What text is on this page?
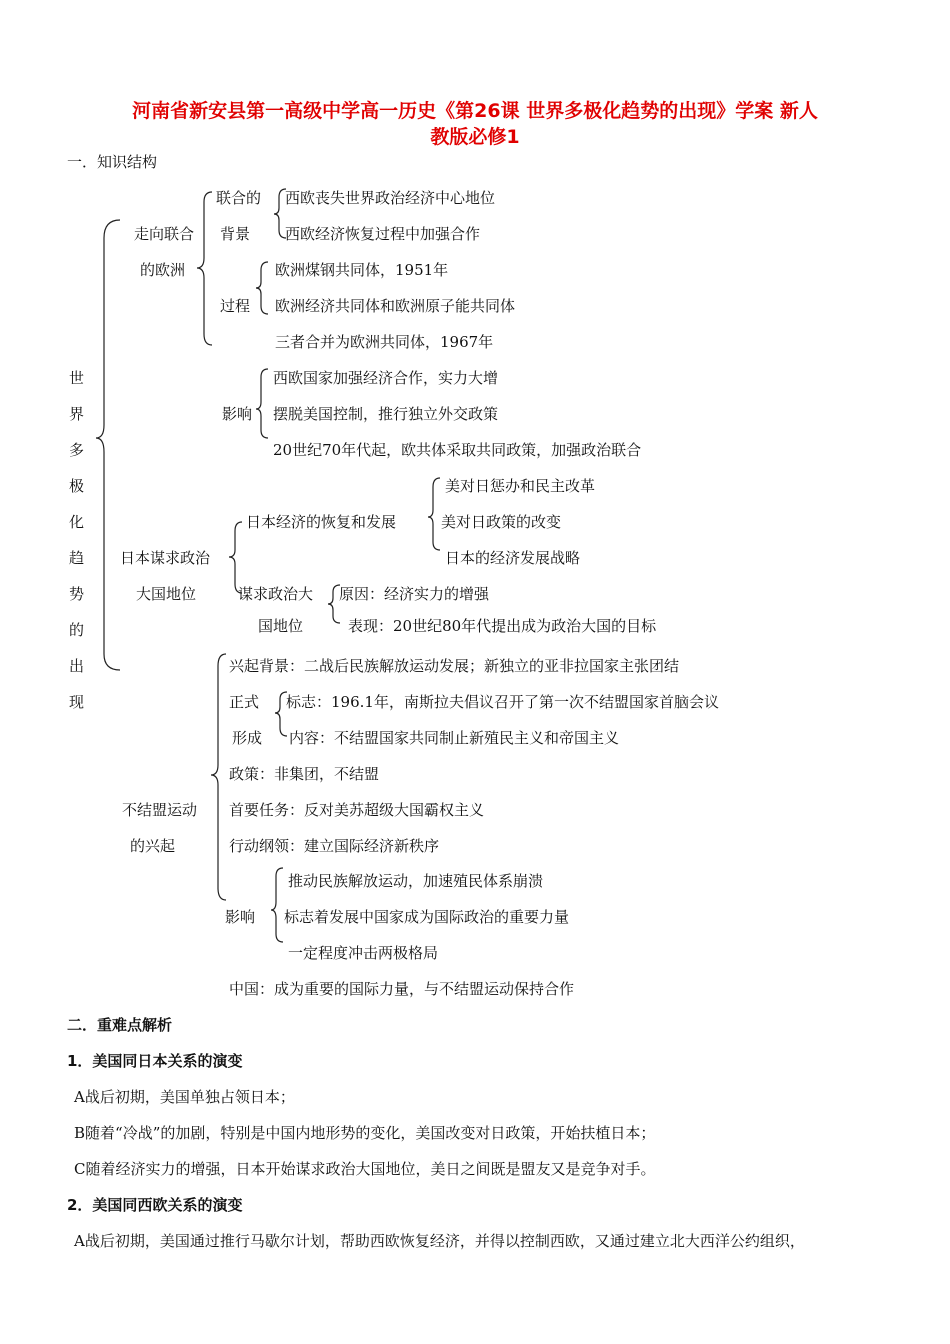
河南省新安县第一高级中学高一历史《第26课 世界多极化趋势的出现》学案 新人
教版必修1
一．知识结构
世
界
多
极
化
趋
势
的
出
现
走向联合
的欧洲
联合的
背景
西欧丧失世界政治经济中心地位
西欧经济恢复过程中加强合作
过程
欧洲煤钢共同体，1951年
欧洲经济共同体和欧洲原子能共同体
三者合并为欧洲共同体，1967年
影响
西欧国家加强经济合作，实力大增
摆脱美国控制，推行独立外交政策
20世纪70年代起，欧共体采取共同政策，加强政治联合
日本谋求政治
大国地位
日本经济的恢复和发展
美对日惩办和民主改革
美对日政策的改变
日本的经济发展战略
谋求政治大
国地位
原因：经济实力的增强
表现：20世纪80年代提出成为政治大国的目标
不结盟运动
的兴起
兴起背景：二战后民族解放运动发展；新独立的亚非拉国家主张团结
正式
形成
标志：196.1年，南斯拉夫倡议召开了第一次不结盟国家首脑会议
内容：不结盟国家共同制止新殖民主义和帝国主义
政策：非集团，不结盟
首要任务：反对美苏超级大国霸权主义
行动纲领：建立国际经济新秩序
影响
推动民族解放运动，加速殖民体系崩溃
标志着发展中国家成为国际政治的重要力量
一定程度冲击两极格局
中国：成为重要的国际力量，与不结盟运动保持合作
二．重难点解析
1．美国同日本关系的演变
A战后初期，美国单独占领日本；
B随着“冷战”的加剧，特别是中国内地形势的变化，美国改变对日政策，开始扶植日本；
C随着经济实力的增强，日本开始谋求政治大国地位，美日之间既是盟友又是竞争对手。
2．美国同西欧关系的演变
A战后初期，美国通过推行马歇尔计划，帮助西欧恢复经济，并得以控制西欧，又通过建立北大西洋公约组织，
